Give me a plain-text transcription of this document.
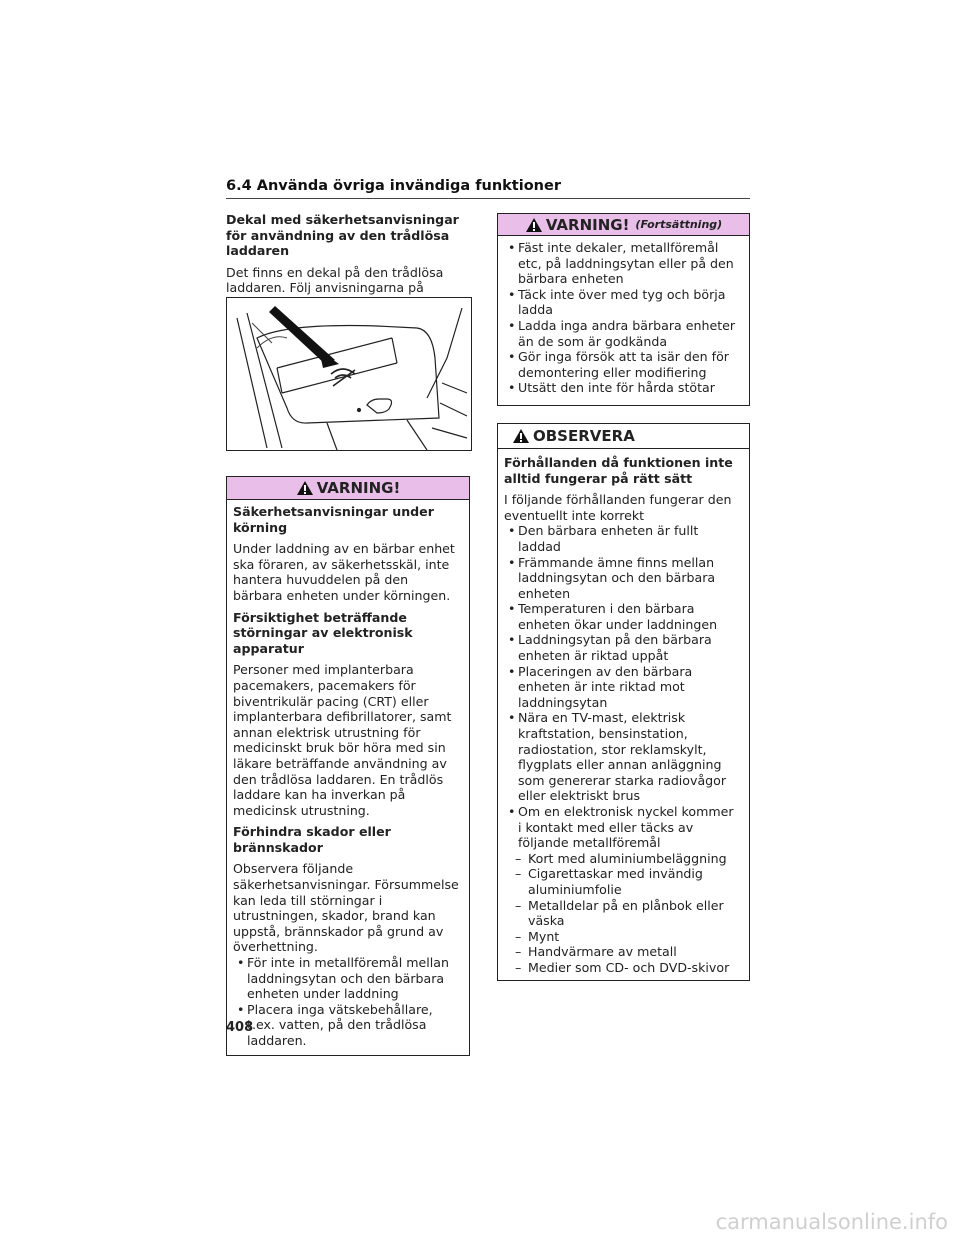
6.4 Använda övriga invändiga funktioner

Dekal med säkerhetsanvisningar för användning av den trådlösa laddaren

Det finns en dekal på den trådlösa laddaren. Följ anvisningarna på

VARNING!

Säkerhetsanvisningar under körning

Under laddning av en bärbar enhet ska föraren, av säkerhetsskäl, inte hantera huvuddelen på den bärbara enheten under körningen.

Försiktighet beträffande störningar av elektronisk apparatur

Personer med implanterbara pacemakers, pacemakers för biventrikulär pacing (CRT) eller implanterbara defibrillatorer, samt annan elektrisk utrustning för medicinskt bruk bör höra med sin läkare beträffande användning av den trådlösa laddaren. En trådlös laddare kan ha inverkan på medicinsk utrustning.

Förhindra skador eller brännskador

Observera följande säkerhetsanvisningar. Försummelse kan leda till störningar i utrustningen, skador, brand kan uppstå, brännskador på grund av överhettning.

• För inte in metallföremål mellan laddningsytan och den bärbara enheten under laddning
• Placera inga vätskebehållare, t.ex. vatten, på den trådlösa laddaren.
VARNING! (Fortsättning)
• Fäst inte dekaler, metallföremål etc, på laddningsytan eller på den bärbara enheten
• Täck inte över med tyg och börja ladda
• Ladda inga andra bärbara enheter än de som är godkända
• Gör inga försök att ta isär den för demontering eller modifiering
• Utsätt den inte för hårda stötar
OBSERVERA

Förhållanden då funktionen inte alltid fungerar på rätt sätt

I följande förhållanden fungerar den eventuellt inte korrekt

• Den bärbara enheten är fullt laddad
• Främmande ämne finns mellan laddningsytan och den bärbara enheten
• Temperaturen i den bärbara enheten ökar under laddningen
• Laddningsytan på den bärbara enheten är riktad uppåt
• Placeringen av den bärbara enheten är inte riktad mot laddningsytan
• Nära en TV-mast, elektrisk kraftstation, bensinstation, radiostation, stor reklamskylt, flygplats eller annan anläggning som genererar starka radiovågor eller elektriskt brus
• Om en elektronisk nyckel kommer i kontakt med eller täcks av följande metallföremål
– Kort med aluminiumbeläggning
– Cigarettaskar med invändig aluminiumfolie
– Metalldelar på en plånbok eller väska
– Mynt
– Handvärmare av metall
– Medier som CD- och DVD-skivor
408
carmanualsonline.info
